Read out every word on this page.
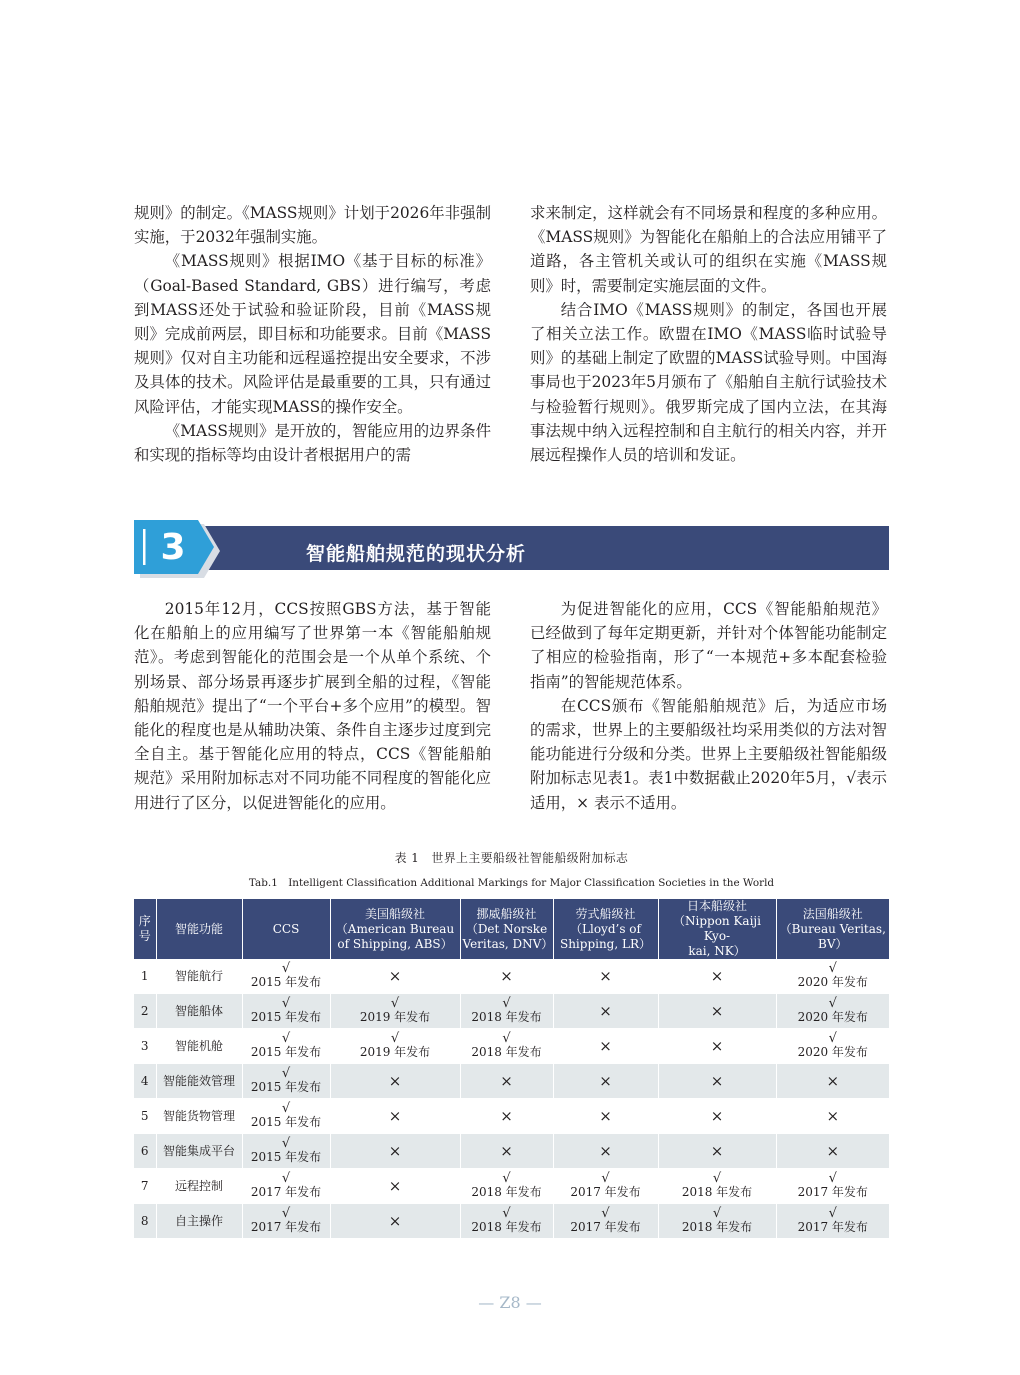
规则》的制定。《MASS规则》计划于2026年非强制实施，于2032年强制实施。

《MASS规则》根据IMO《基于目标的标准》（Goal-Based Standard, GBS）进行编写，考虑到MASS还处于试验和验证阶段，目前《MASS规则》完成前两层，即目标和功能要求。目前《MASS规则》仅对自主功能和远程遥控提出安全要求，不涉及具体的技术。风险评估是最重要的工具，只有通过风险评估，才能实现MASS的操作安全。

《MASS规则》是开放的，智能应用的边界条件和实现的指标等均由设计者根据用户的需

求来制定，这样就会有不同场景和程度的多种应用。《MASS规则》为智能化在船舶上的合法应用铺平了道路，各主管机关或认可的组织在实施《MASS规则》时，需要制定实施层面的文件。

结合IMO《MASS规则》的制定，各国也开展了相关立法工作。欧盟在IMO《MASS临时试验导则》的基础上制定了欧盟的MASS试验导则。中国海事局也于2023年5月颁布了《船舶自主航行试验技术与检验暂行规则》。俄罗斯完成了国内立法，在其海事法规中纳入远程控制和自主航行的相关内容，并开展远程操作人员的培训和发证。

智能船舶规范的现状分析
3

2015年12月，CCS按照GBS方法，基于智能化在船舶上的应用编写了世界第一本《智能船舶规范》。考虑到智能化的范围会是一个从单个系统、个别场景、部分场景再逐步扩展到全船的过程，《智能船舶规范》提出了“一个平台+多个应用”的模型。智能化的程度也是从辅助决策、条件自主逐步过度到完全自主。基于智能化应用的特点，CCS《智能船舶规范》采用附加标志对不同功能不同程度的智能化应用进行了区分，以促进智能化的应用。

为促进智能化的应用，CCS《智能船舶规范》已经做到了每年定期更新，并针对个体智能功能制定了相应的检验指南，形了“一本规范+多本配套检验指南”的智能规范体系。

在CCS颁布《智能船舶规范》后，为适应市场的需求，世界上的主要船级社均采用类似的方法对智能功能进行分级和分类。世界上主要船级社智能船级附加标志见表1。表1中数据截止2020年5月，√表示适用，× 表示不适用。

表 1　世界上主要船级社智能船级附加标志
Tab.1　Intelligent Classification Additional Markings for Major Classification Societies in the World
序
号	智能功能	CCS	美国船级社
（American Bureau
of Shipping, ABS）	挪威船级社
（Det Norske
Veritas, DNV）	劳式船级社
（Lloyd’s of
Shipping, LR）	日本船级社
（Nippon Kaiji Kyo-
kai, NK）	法国船级社
（Bureau Veritas,
BV）

1	智能航行	√
2015 年发布	×	×	×	×	√
2020 年发布

2	智能船体	√
2015 年发布	√
2019 年发布	√
2018 年发布	×	×	√
2020 年发布

3	智能机舱	√
2015 年发布	√
2019 年发布	√
2018 年发布	×	×	√
2020 年发布

4	智能能效管理	√
2015 年发布	×	×	×	×	×

5	智能货物管理	√
2015 年发布	×	×	×	×	×

6	智能集成平台	√
2015 年发布	×	×	×	×	×

7	远程控制	√
2017 年发布	×	√
2018 年发布	√
2017 年发布	√
2018 年发布	√
2017 年发布

8	自主操作	√
2017 年发布	×	√
2018 年发布	√
2017 年发布	√
2018 年发布	√
2017 年发布
— Z8 —
